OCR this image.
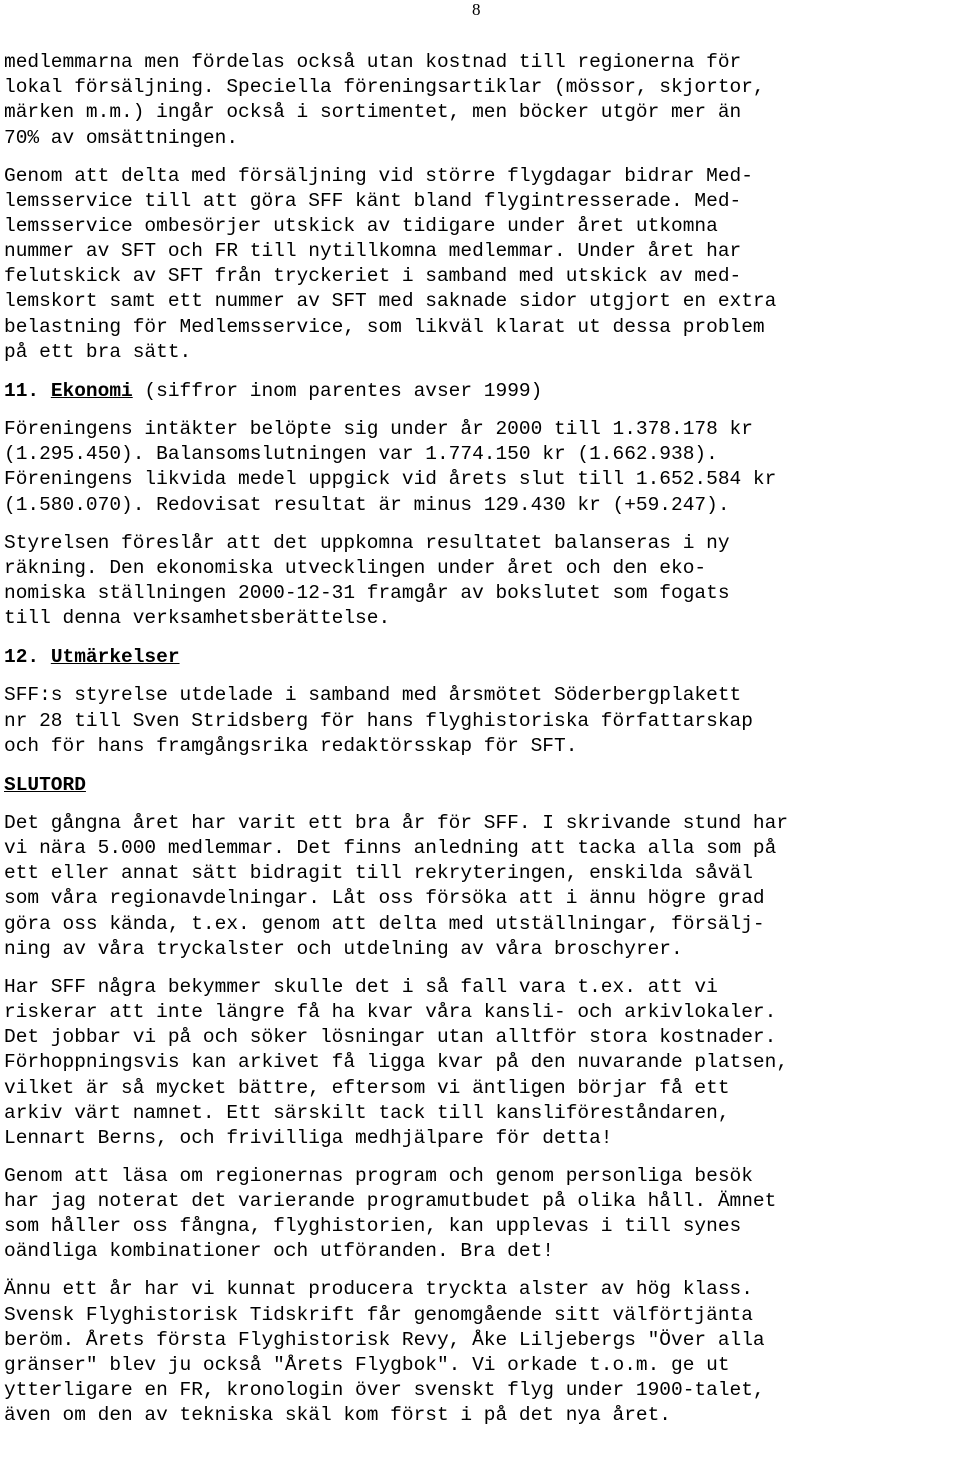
8
medlemmarna men fördelas också utan kostnad till regionerna för
lokal försäljning. Speciella föreningsartiklar (mössor, skjortor,
märken m.m.) ingår också i sortimentet, men böcker utgör mer än
70% av omsättningen.
Genom att delta med försäljning vid större flygdagar bidrar Med-
lemsservice till att göra SFF känt bland flygintresserade. Med-
lemsservice ombesörjer utskick av tidigare under året utkomna
nummer av SFT och FR till nytillkomna medlemmar. Under året har
felutskick av SFT från tryckeriet i samband med utskick av med-
lemskort samt ett nummer av SFT med saknade sidor utgjort en extra
belastning för Medlemsservice, som likväl klarat ut dessa problem
på ett bra sätt.
11. Ekonomi (siffror inom parentes avser 1999)
Föreningens intäkter belöpte sig under år 2000 till 1.378.178 kr
(1.295.450). Balansomslutningen var 1.774.150 kr (1.662.938).
Föreningens likvida medel uppgick vid årets slut till 1.652.584 kr
(1.580.070). Redovisat resultat är minus 129.430 kr (+59.247).
Styrelsen föreslår att det uppkomna resultatet balanseras i ny
räkning. Den ekonomiska utvecklingen under året och den eko-
nomiska ställningen 2000-12-31 framgår av bokslutet som fogats
till denna verksamhetsberättelse.
12. Utmärkelser
SFF:s styrelse utdelade i samband med årsmötet Söderbergplakett
nr 28 till Sven Stridsberg för hans flyghistoriska författarskap
och för hans framgångsrika redaktörsskap för SFT.
SLUTORD
Det gångna året har varit ett bra år för SFF. I skrivande stund har
vi nära 5.000 medlemmar. Det finns anledning att tacka alla som på
ett eller annat sätt bidragit till rekryteringen, enskilda såväl
som våra regionavdelningar. Låt oss försöka att i ännu högre grad
göra oss kända, t.ex. genom att delta med utställningar, försälj-
ning av våra tryckalster och utdelning av våra broschyrer.
Har SFF några bekymmer skulle det i så fall vara t.ex. att vi
riskerar att inte längre få ha kvar våra kansli- och arkivlokaler.
Det jobbar vi på och söker lösningar utan alltför stora kostnader.
Förhoppningsvis kan arkivet få ligga kvar på den nuvarande platsen,
vilket är så mycket bättre, eftersom vi äntligen börjar få ett
arkiv värt namnet. Ett särskilt tack till kansliföreståndaren,
Lennart Berns, och frivilliga medhjälpare för detta!
Genom att läsa om regionernas program och genom personliga besök
har jag noterat det varierande programutbudet på olika håll. Ämnet
som håller oss fångna, flyghistorien, kan upplevas i till synes
oändliga kombinationer och utföranden. Bra det!
Ännu ett år har vi kunnat producera tryckta alster av hög klass.
Svensk Flyghistorisk Tidskrift får genomgående sitt välförtjänta
beröm. Årets första Flyghistorisk Revy, Åke Liljebergs "Över alla
gränser" blev ju också "Årets Flygbok". Vi orkade t.o.m. ge ut
ytterligare en FR, kronologin över svenskt flyg under 1900-talet,
även om den av tekniska skäl kom först i på det nya året.
